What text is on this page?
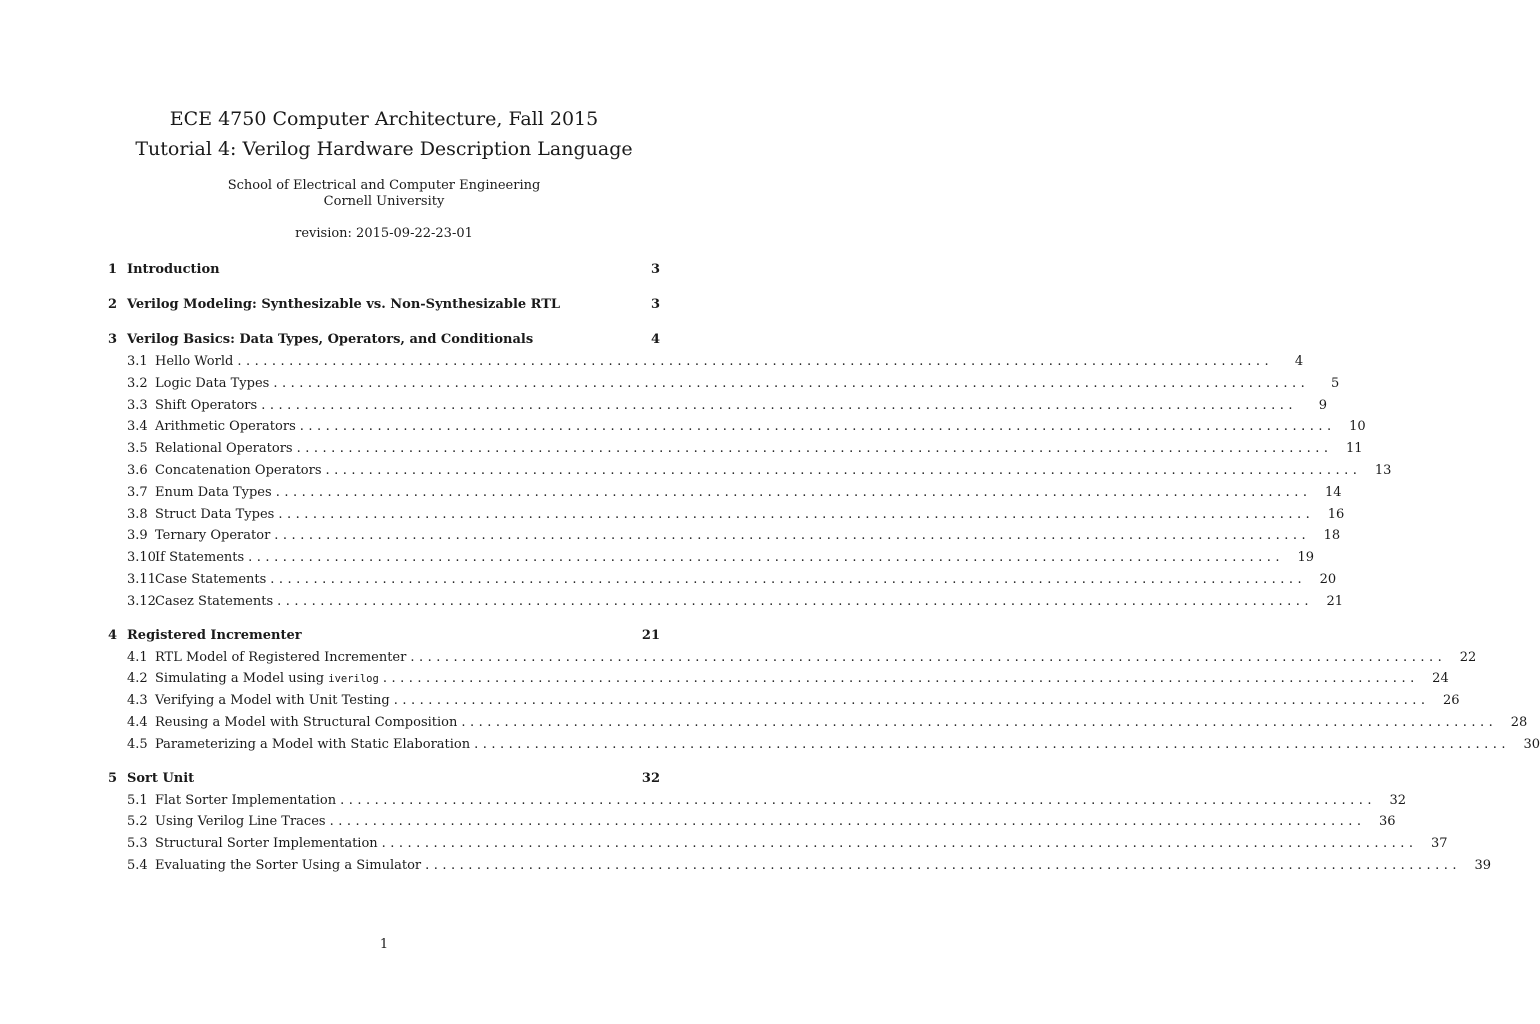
ECE 4750 Computer Architecture, Fall 2015
Tutorial 4: Verilog Hardware Description Language
School of Electrical and Computer Engineering
Cornell University
revision: 2015-09-22-23-01
1 Introduction	3
2 Verilog Modeling: Synthesizable vs. Non-Synthesizable RTL	3
3 Verilog Basics: Data Types, Operators, and Conditionals	4
3.1 Hello World ........................................................................................................................	4
3.2 Logic Data Types ........................................................................................................................	5
3.3 Shift Operators ........................................................................................................................	9
3.4 Arithmetic Operators ........................................................................................................................	10
3.5 Relational Operators ........................................................................................................................	11
3.6 Concatenation Operators ........................................................................................................................	13
3.7 Enum Data Types ........................................................................................................................	14
3.8 Struct Data Types ........................................................................................................................	16
3.9 Ternary Operator ........................................................................................................................	18
3.10 If Statements ........................................................................................................................	19
3.11 Case Statements ........................................................................................................................	20
3.12 Casez Statements ........................................................................................................................	21
4 Registered Incrementer	21
4.1 RTL Model of Registered Incrementer ........................................................................................................................	22
4.2 Simulating a Model using iverilog ........................................................................................................................	24
4.3 Verifying a Model with Unit Testing ........................................................................................................................	26
4.4 Reusing a Model with Structural Composition ........................................................................................................................	28
4.5 Parameterizing a Model with Static Elaboration ........................................................................................................................	30
5 Sort Unit	32
5.1 Flat Sorter Implementation ........................................................................................................................	32
5.2 Using Verilog Line Traces ........................................................................................................................	36
5.3 Structural Sorter Implementation ........................................................................................................................	37
5.4 Evaluating the Sorter Using a Simulator ........................................................................................................................	39
1
